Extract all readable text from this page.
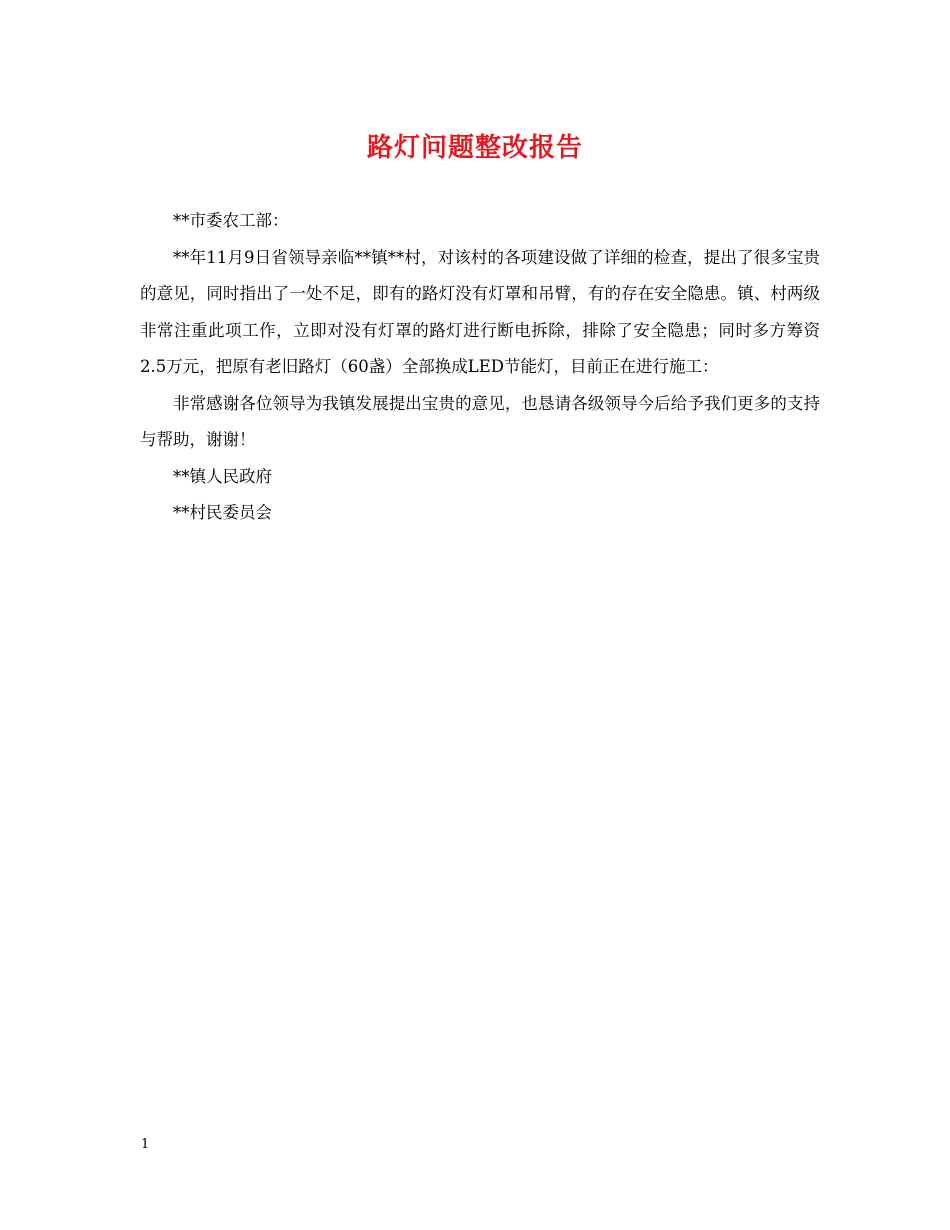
路灯问题整改报告

**市委农工部：

**年11月9日省领导亲临**镇**村，对该村的各项建设做了详细的检查，提出了很多宝贵的意见，同时指出了一处不足，即有的路灯没有灯罩和吊臂，有的存在安全隐患。镇、村两级非常注重此项工作，立即对没有灯罩的路灯进行断电拆除，排除了安全隐患；同时多方筹资2.5万元，把原有老旧路灯（60盏）全部换成LED节能灯，目前正在进行施工：

非常感谢各位领导为我镇发展提出宝贵的意见，也恳请各级领导今后给予我们更多的支持与帮助，谢谢！

**镇人民政府

**村民委员会

1
